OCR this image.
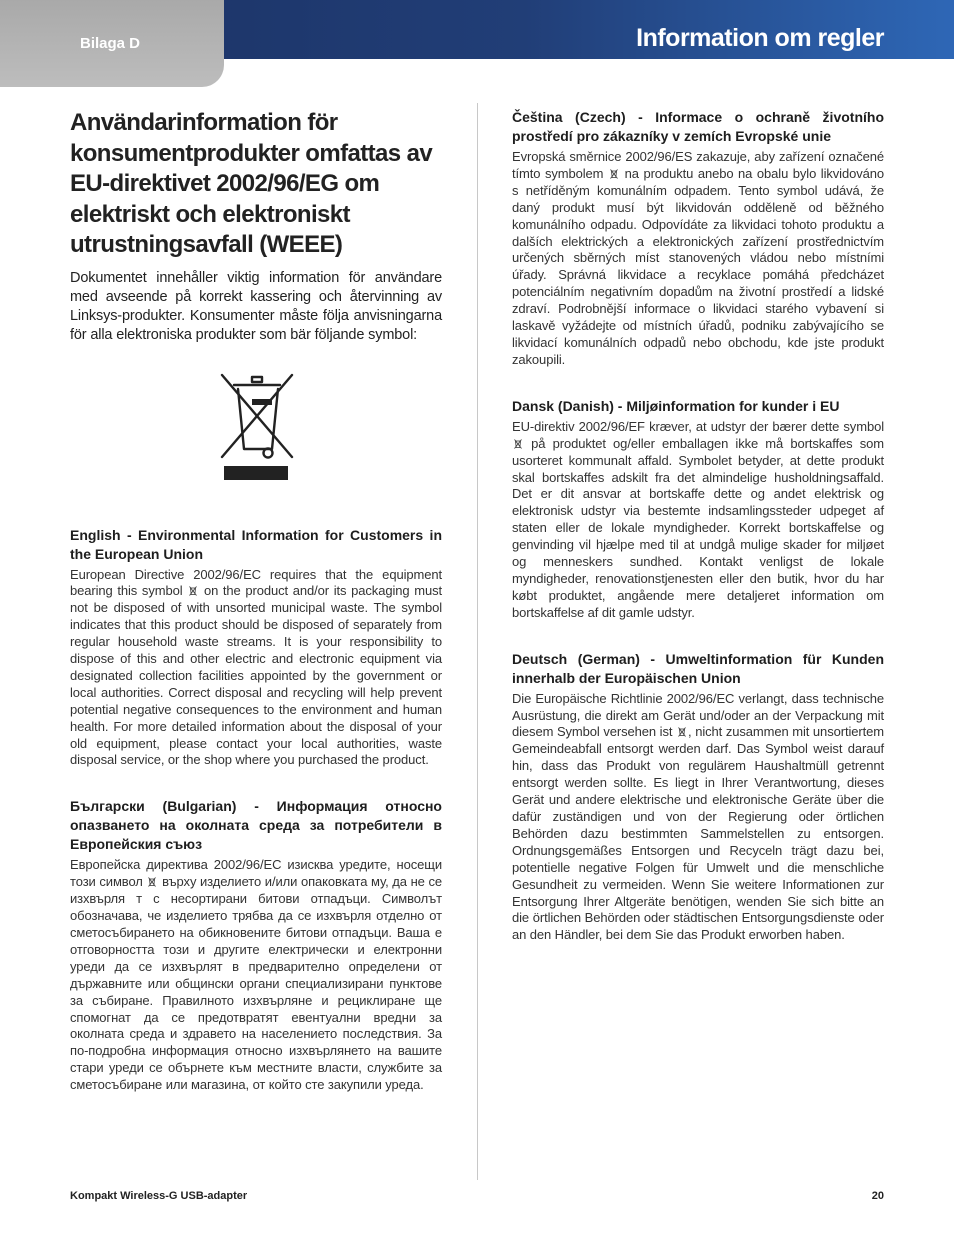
Bilaga D	Information om regler
Användarinformation för konsumentprodukter omfattas av EU-direktivet 2002/96/EG om elektriskt och elektroniskt utrustningsavfall (WEEE)

Dokumentet innehåller viktig information för användare med avseende på korrekt kassering och återvinning av Linksys-produkter. Konsumenter måste följa anvisningarna för alla elektroniska produkter som bär följande symbol:

English - Environmental Information for Customers in the European Union

European Directive 2002/96/EC requires that the equipment bearing this symbol on the product and/or its packaging must not be disposed of with unsorted municipal waste. The symbol indicates that this product should be disposed of separately from regular household waste streams. It is your responsibility to dispose of this and other electric and electronic equipment via designated collection facilities appointed by the government or local authorities. Correct disposal and recycling will help prevent potential negative consequences to the environment and human health. For more detailed information about the disposal of your old equipment, please contact your local authorities, waste disposal service, or the shop where you purchased the product.

Български (Bulgarian) - Информация относно опазването на околната среда за потребители в Европейския съюз

Европейска директива 2002/96/EC изисква уредите, носещи този символ върху изделието и/или опаковката му, да не се изхвърля т с несортирани битови отпадъци. Символът обозначава, че изделието трябва да се изхвърля отделно от сметосъбирането на обикновените битови отпадъци. Ваша е отговорността този и другите електрически и електронни уреди да се изхвърлят в предварително определени от държавните или общински органи специализирани пунктове за събиране. Правилното изхвърляне и рециклиране ще спомогнат да се предотвратят евентуални вредни за околната среда и здравето на населението последствия. За по-подробна информация относно изхвърлянето на вашите стари уреди се обърнете към местните власти, службите за сметосъбиране или магазина, от който сте закупили уреда.

Čeština (Czech) - Informace o ochraně životního prostředí pro zákazníky v zemích Evropské unie

Evropská směrnice 2002/96/ES zakazuje, aby zařízení označené tímto symbolem na produktu anebo na obalu bylo likvidováno s netříděným komunálním odpadem. Tento symbol udává, že daný produkt musí být likvidován odděleně od běžného komunálního odpadu. Odpovídáte za likvidaci tohoto produktu a dalších elektrických a elektronických zařízení prostřednictvím určených sběrných míst stanovených vládou nebo místními úřady. Správná likvidace a recyklace pomáhá předcházet potenciálním negativním dopadům na životní prostředí a lidské zdraví. Podrobnější informace o likvidaci starého vybavení si laskavě vyžádejte od místních úřadů, podniku zabývajícího se likvidací komunálních odpadů nebo obchodu, kde jste produkt zakoupili.

Dansk (Danish) - Miljøinformation for kunder i EU

EU-direktiv 2002/96/EF kræver, at udstyr der bærer dette symbol  på produktet og/eller emballagen ikke må bortskaffes som usorteret kommunalt affald. Symbolet betyder, at dette produkt skal bortskaffes adskilt fra det almindelige husholdningsaffald. Det er dit ansvar at bortskaffe dette og andet elektrisk og elektronisk udstyr via bestemte indsamlingssteder udpeget af staten eller de lokale myndigheder. Korrekt bortskaffelse og genvinding vil hjælpe med til at undgå mulige skader for miljøet og menneskers sundhed. Kontakt venligst de lokale myndigheder, renovationstjenesten eller den butik, hvor du har købt produktet, angående mere detaljeret information om bortskaffelse af dit gamle udstyr.

Deutsch (German) - Umweltinformation für Kunden innerhalb der Europäischen Union

Die Europäische Richtlinie 2002/96/EC verlangt, dass technische Ausrüstung, die direkt am Gerät und/oder an der Verpackung mit diesem Symbol versehen ist , nicht zusammen mit unsortiertem Gemeindeabfall entsorgt werden darf. Das Symbol weist darauf hin, dass das Produkt von regulärem Haushaltmüll getrennt entsorgt werden sollte. Es liegt in Ihrer Verantwortung, dieses Gerät und andere elektrische und elektronische Geräte über die dafür zuständigen und von der Regierung oder örtlichen Behörden dazu bestimmten Sammelstellen zu entsorgen. Ordnungsgemäßes Entsorgen und Recyceln trägt dazu bei, potentielle negative Folgen für Umwelt und die menschliche Gesundheit zu vermeiden. Wenn Sie weitere Informationen zur Entsorgung Ihrer Altgeräte benötigen, wenden Sie sich bitte an die örtlichen Behörden oder städtischen Entsorgungsdienste oder an den Händler, bei dem Sie das Produkt erworben haben.

Kompakt Wireless-G USB-adapter	20
